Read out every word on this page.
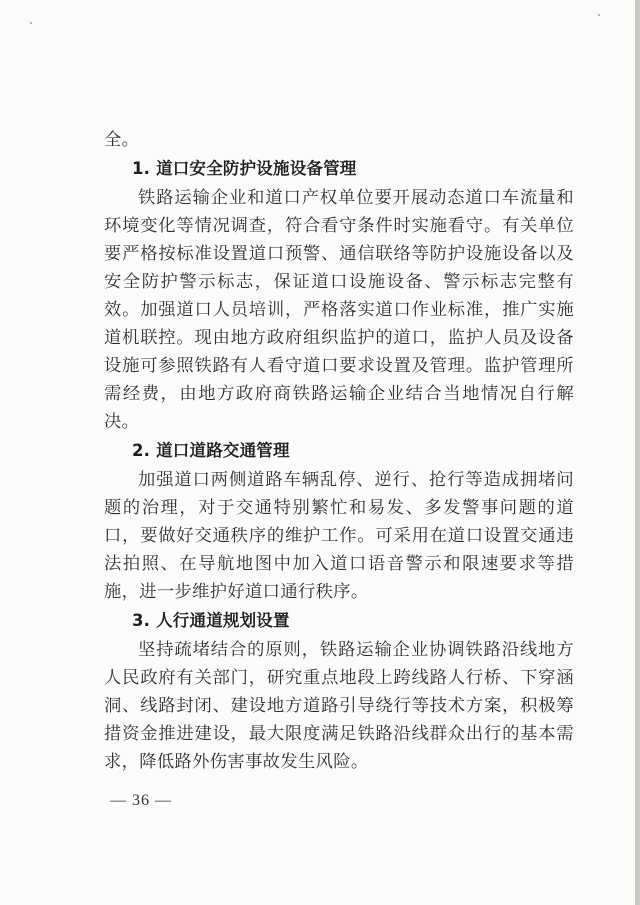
全。

1. 道口安全防护设施设备管理

铁路运输企业和道口产权单位要开展动态道口车流量和环境变化等情况调查，符合看守条件时实施看守。有关单位要严格按标准设置道口预警、通信联络等防护设施设备以及安全防护警示标志，保证道口设施设备、警示标志完整有效。加强道口人员培训，严格落实道口作业标准，推广实施道机联控。现由地方政府组织监护的道口，监护人员及设备设施可参照铁路有人看守道口要求设置及管理。监护管理所需经费，由地方政府商铁路运输企业结合当地情况自行解决。

2. 道口道路交通管理

加强道口两侧道路车辆乱停、逆行、抢行等造成拥堵问题的治理，对于交通特别繁忙和易发、多发警事问题的道口，要做好交通秩序的维护工作。可采用在道口设置交通违法拍照、在导航地图中加入道口语音警示和限速要求等措施，进一步维护好道口通行秩序。

3. 人行通道规划设置

坚持疏堵结合的原则，铁路运输企业协调铁路沿线地方人民政府有关部门，研究重点地段上跨线路人行桥、下穿涵洞、线路封闭、建设地方道路引导绕行等技术方案，积极筹措资金推进建设，最大限度满足铁路沿线群众出行的基本需求，降低路外伤害事故发生风险。

— 36 —
